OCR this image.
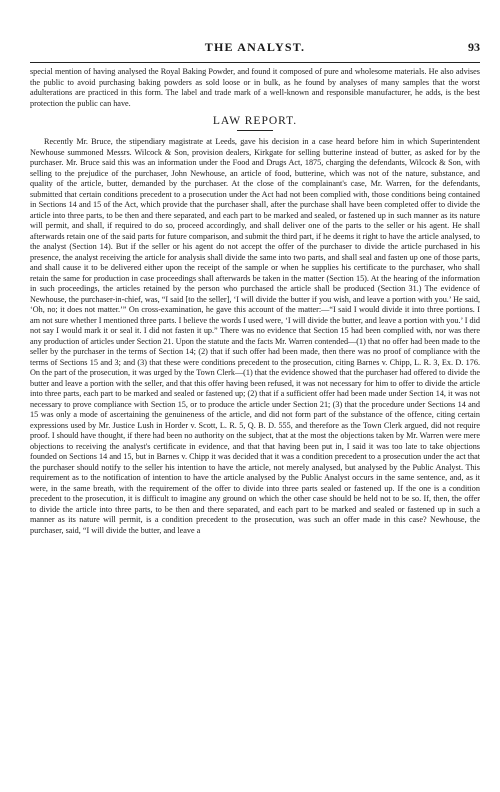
THE ANALYST.	93

special mention of having analysed the Royal Baking Powder, and found it composed of pure and wholesome materials. He also advises the public to avoid purchasing baking powders as sold loose or in bulk, as he found by analyses of many samples that the worst adulterations are practiced in this form. The label and trade mark of a well-known and responsible manufacturer, he adds, is the best protection the public can have.

LAW REPORT.

Recently Mr. Bruce, the stipendiary magistrate at Leeds, gave his decision in a case heard before him in which Superintendent Newhouse summoned Messrs. Wilcock & Son, provision dealers, Kirkgate for selling butterine instead of butter, as asked for by the purchaser. Mr. Bruce said this was an information under the Food and Drugs Act, 1875, charging the defendants, Wilcock & Son, with selling to the prejudice of the purchaser, John Newhouse, an article of food, butterine, which was not of the nature, substance, and quality of the article, butter, demanded by the purchaser. At the close of the complainant's case, Mr. Warren, for the defendants, submitted that certain conditions precedent to a prosecution under the Act had not been complied with, those conditions being contained in Sections 14 and 15 of the Act, which provide that the purchaser shall, after the purchase shall have been completed offer to divide the article into three parts, to be then and there separated, and each part to be marked and sealed, or fastened up in such manner as its nature will permit, and shall, if required to do so, proceed accordingly, and shall deliver one of the parts to the seller or his agent. He shall afterwards retain one of the said parts for future comparison, and submit the third part, if he deems it right to have the article analysed, to the analyst (Section 14). But if the seller or his agent do not accept the offer of the purchaser to divide the article purchased in his presence, the analyst receiving the article for analysis shall divide the same into two parts, and shall seal and fasten up one of those parts, and shall cause it to be delivered either upon the receipt of the sample or when he supplies his certificate to the purchaser, who shall retain the same for production in case proceedings shall afterwards be taken in the matter (Section 15). At the hearing of the information in such proceedings, the articles retained by the person who purchased the article shall be produced (Section 31.) The evidence of Newhouse, the purchaser-in-chief, was, “I said [to the seller], ‘I will divide the butter if you wish, and leave a portion with you.’ He said, ‘Oh, no; it does not matter.’” On cross-examination, he gave this account of the matter:—“I said I would divide it into three portions. I am not sure whether I mentioned three parts. I believe the words I used were, ‘I will divide the butter, and leave a portion with you.’ I did not say I would mark it or seal it. I did not fasten it up.” There was no evidence that Section 15 had been complied with, nor was there any production of articles under Section 21. Upon the statute and the facts Mr. Warren contended—(1) that no offer had been made to the seller by the purchaser in the terms of Section 14; (2) that if such offer had been made, then there was no proof of compliance with the terms of Sections 15 and 3; and (3) that these were conditions precedent to the prosecution, citing Barnes v. Chipp, L. R. 3, Ex. D. 176. On the part of the prosecution, it was urged by the Town Clerk—(1) that the evidence showed that the purchaser had offered to divide the butter and leave a portion with the seller, and that this offer having been refused, it was not necessary for him to offer to divide the article into three parts, each part to be marked and sealed or fastened up; (2) that if a sufficient offer had been made under Section 14, it was not necessary to prove compliance with Section 15, or to produce the article under Section 21; (3) that the procedure under Sections 14 and 15 was only a mode of ascertaining the genuineness of the article, and did not form part of the substance of the offence, citing certain expressions used by Mr. Justice Lush in Horder v. Scott, L. R. 5, Q. B. D. 555, and therefore as the Town Clerk argued, did not require proof. I should have thought, if there had been no authority on the subject, that at the most the objections taken by Mr. Warren were mere objections to receiving the analyst's certificate in evidence, and that that having been put in, I said it was too late to take objections founded on Sections 14 and 15, but in Barnes v. Chipp it was decided that it was a condition precedent to a prosecution under the act that the purchaser should notify to the seller his intention to have the article, not merely analysed, but analysed by the Public Analyst. This requirement as to the notification of intention to have the article analysed by the Public Analyst occurs in the same sentence, and, as it were, in the same breath, with the requirement of the offer to divide into three parts sealed or fastened up. If the one is a condition precedent to the prosecution, it is difficult to imagine any ground on which the other case should be held not to be so. If, then, the offer to divide the article into three parts, to be then and there separated, and each part to be marked and sealed or fastened up in such a manner as its nature will permit, is a condition precedent to the prosecution, was such an offer made in this case? Newhouse, the purchaser, said, “I will divide the butter, and leave a
